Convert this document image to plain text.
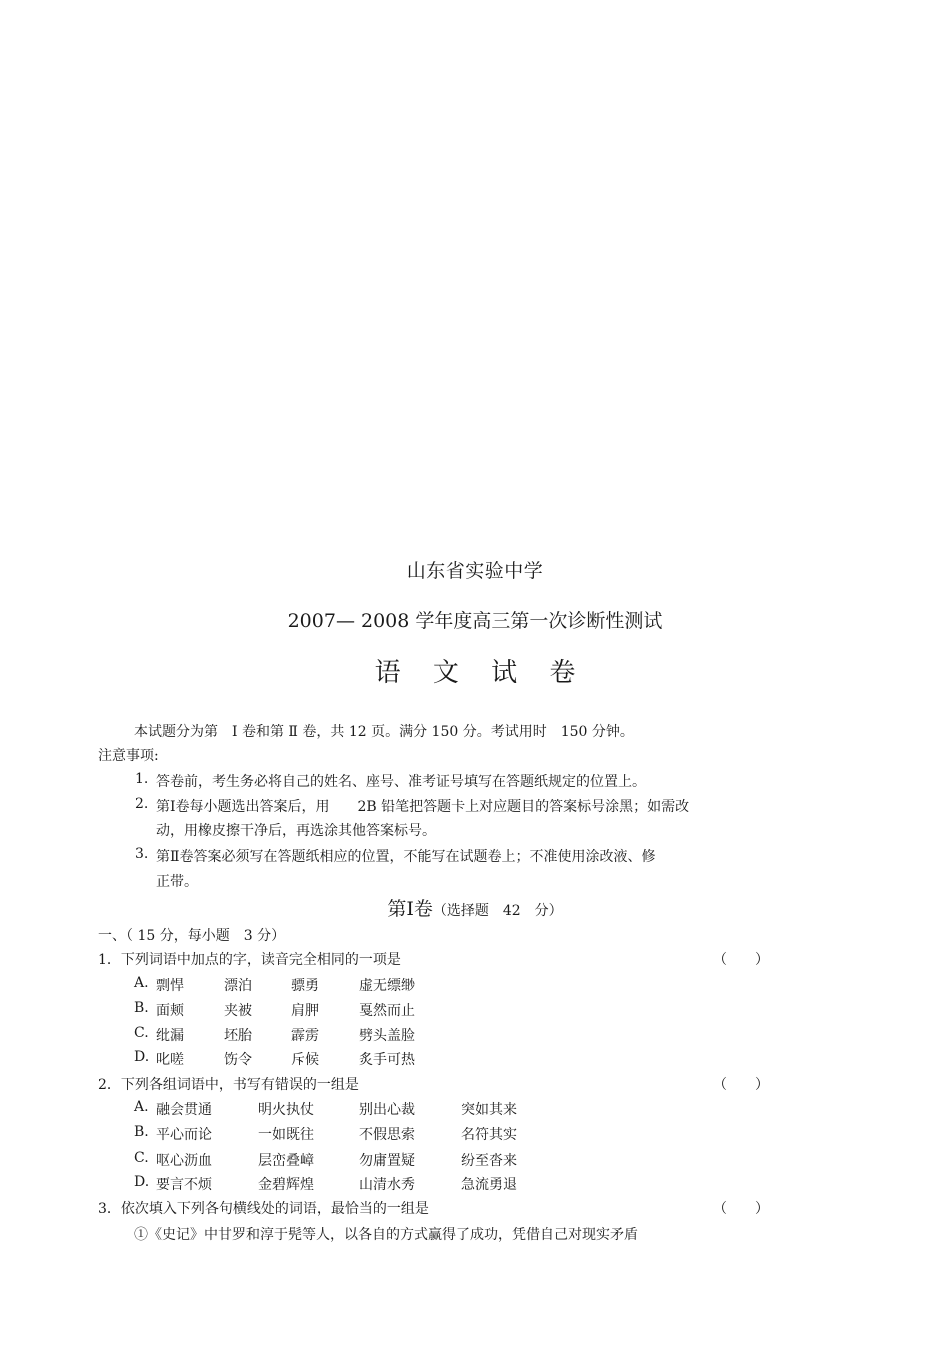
山东省实验中学
2007— 2008 学年度高三第一次诊断性测试
语 文 试 卷
本试题分为第　Ⅰ 卷和第 Ⅱ 卷，共 12 页。满分 150 分。考试用时　150 分钟。
注意事项:
1. 答卷前，考生务必将自己的姓名、座号、准考证号填写在答题纸规定的位置上。
2. 第Ⅰ卷每小题选出答案后，用　　2B 铅笔把答题卡上对应题目的答案标号涂黑；如需改
动，用橡皮擦干净后，再选涂其他答案标号。
3. 第Ⅱ卷答案必须写在答题纸相应的位置，不能写在试题卷上；不准使用涂改液、修
正带。
第Ⅰ卷（选择题　42　分）
一、（ 15 分，每小题　3 分）
1．下列词语中加点的字，读音完全相同的一项是	（　　）
A. 剽悍	漂泊	骠勇	虚无缥缈
B. 面颊	夹被	肩胛	戛然而止
C. 纰漏	坯胎	霹雳	劈头盖脸
D. 叱嗟	饬令	斥候	炙手可热
2．下列各组词语中，书写有错误的一组是	（　　）
A. 融会贯通	明火执仗	别出心裁	突如其来
B. 平心而论	一如既往	不假思索	名符其实
C. 呕心沥血	层峦叠嶂	勿庸置疑	纷至沓来
D. 要言不烦	金碧辉煌	山清水秀	急流勇退
3．依次填入下列各句横线处的词语，最恰当的一组是	（　　）
①《史记》中甘罗和淳于髡等人，以各自的方式赢得了成功，凭借自己对现实矛盾
